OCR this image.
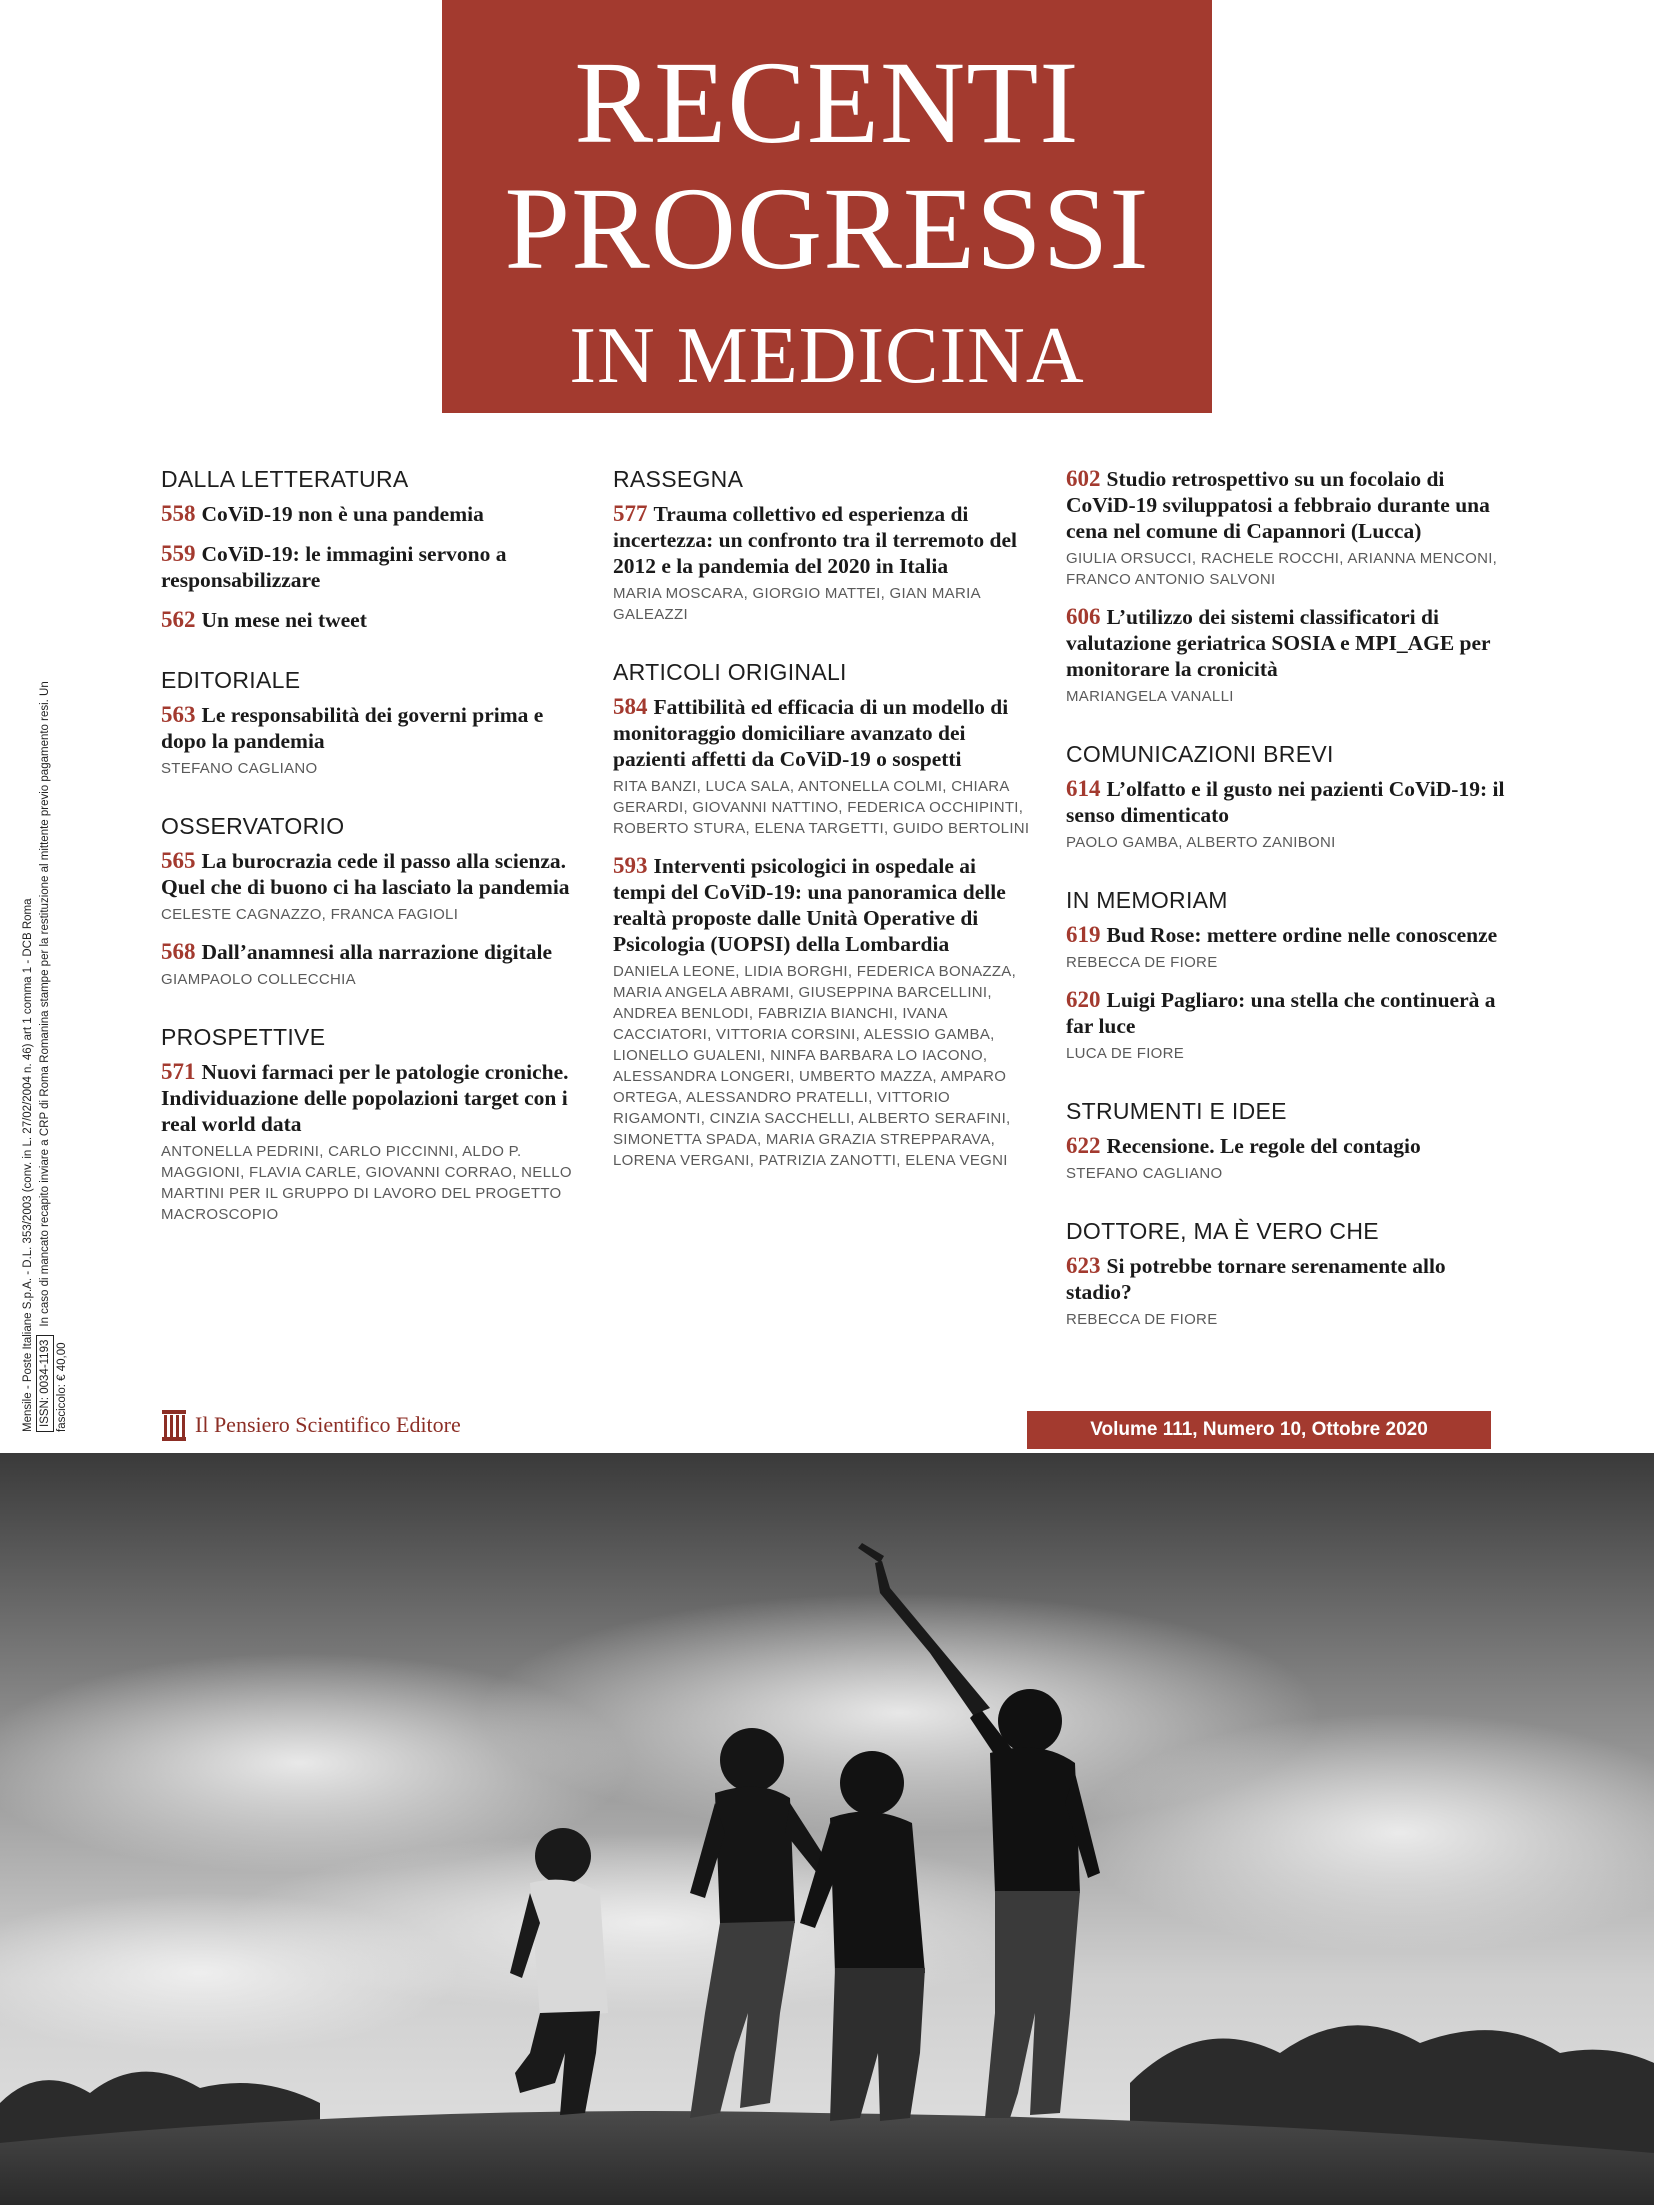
RECENTI
PROGRESSI
IN MEDICINA
Mensile - Poste Italiane S.p.A. - D.L. 353/2003 (conv. in L. 27/02/2004 n. 46) art 1 comma 1 - DCB Roma ISSN: 0034-1193In caso di mancato recapito inviare a CRP di Roma Romanina stampe per la restituzione al mittente previo pagamento resi. Un fascicolo: € 40,00
DALLA LETTERATURA
558 CoViD-19 non è una pandemia
559 CoViD-19: le immagini servono a responsabilizzare
562 Un mese nei tweet
EDITORIALE
563 Le responsabilità dei governi prima e dopo la pandemia
STEFANO CAGLIANO
OSSERVATORIO
565 La burocrazia cede il passo alla scienza. Quel che di buono ci ha lasciato la pandemia
CELESTE CAGNAZZO, FRANCA FAGIOLI
568 Dall’anamnesi alla narrazione digitale
GIAMPAOLO COLLECCHIA
PROSPETTIVE
571 Nuovi farmaci per le patologie croniche. Individuazione delle popolazioni target con i real world data
ANTONELLA PEDRINI, CARLO PICCINNI, ALDO P. MAGGIONI, FLAVIA CARLE, GIOVANNI CORRAO, NELLO MARTINI PER IL GRUPPO DI LAVORO DEL PROGETTO MACROSCOPIO
RASSEGNA
577 Trauma collettivo ed esperienza di incertezza: un confronto tra il terremoto del 2012 e la pandemia del 2020 in Italia
MARIA MOSCARA, GIORGIO MATTEI, GIAN MARIA GALEAZZI
ARTICOLI ORIGINALI
584 Fattibilità ed efficacia di un modello di monitoraggio domiciliare avanzato dei pazienti affetti da CoViD-19 o sospetti
RITA BANZI, LUCA SALA, ANTONELLA COLMI, CHIARA GERARDI, GIOVANNI NATTINO, FEDERICA OCCHIPINTI, ROBERTO STURA, ELENA TARGETTI, GUIDO BERTOLINI
593 Interventi psicologici in ospedale ai tempi del CoViD-19: una panoramica delle realtà proposte dalle Unità Operative di Psicologia (UOPSI) della Lombardia
DANIELA LEONE, LIDIA BORGHI, FEDERICA BONAZZA, MARIA ANGELA ABRAMI, GIUSEPPINA BARCELLINI, ANDREA BENLODI, FABRIZIA BIANCHI, IVANA CACCIATORI, VITTORIA CORSINI, ALESSIO GAMBA, LIONELLO GUALENI, NINFA BARBARA LO IACONO, ALESSANDRA LONGERI, UMBERTO MAZZA, AMPARO ORTEGA, ALESSANDRO PRATELLI, VITTORIO RIGAMONTI, CINZIA SACCHELLI, ALBERTO SERAFINI, SIMONETTA SPADA, MARIA GRAZIA STREPPARAVA, LORENA VERGANI, PATRIZIA ZANOTTI, ELENA VEGNI
602 Studio retrospettivo su un focolaio di CoViD-19 sviluppatosi a febbraio durante una cena nel comune di Capannori (Lucca)
GIULIA ORSUCCI, RACHELE ROCCHI, ARIANNA MENCONI, FRANCO ANTONIO SALVONI
606 L’utilizzo dei sistemi classificatori di valutazione geriatrica SOSIA e MPI_AGE per monitorare la cronicità
MARIANGELA VANALLI
COMUNICAZIONI BREVI
614 L’olfatto e il gusto nei pazienti CoViD-19: il senso dimenticato
PAOLO GAMBA, ALBERTO ZANIBONI
IN MEMORIAM
619 Bud Rose: mettere ordine nelle conoscenze
REBECCA DE FIORE
620 Luigi Pagliaro: una stella che continuerà a far luce
LUCA DE FIORE
STRUMENTI E IDEE
622 Recensione. Le regole del contagio
STEFANO CAGLIANO
DOTTORE, MA È VERO CHE
623 Si potrebbe tornare serenamente allo stadio?
REBECCA DE FIORE
Il Pensiero Scientifico Editore	Volume 111, Numero 10, Ottobre 2020
